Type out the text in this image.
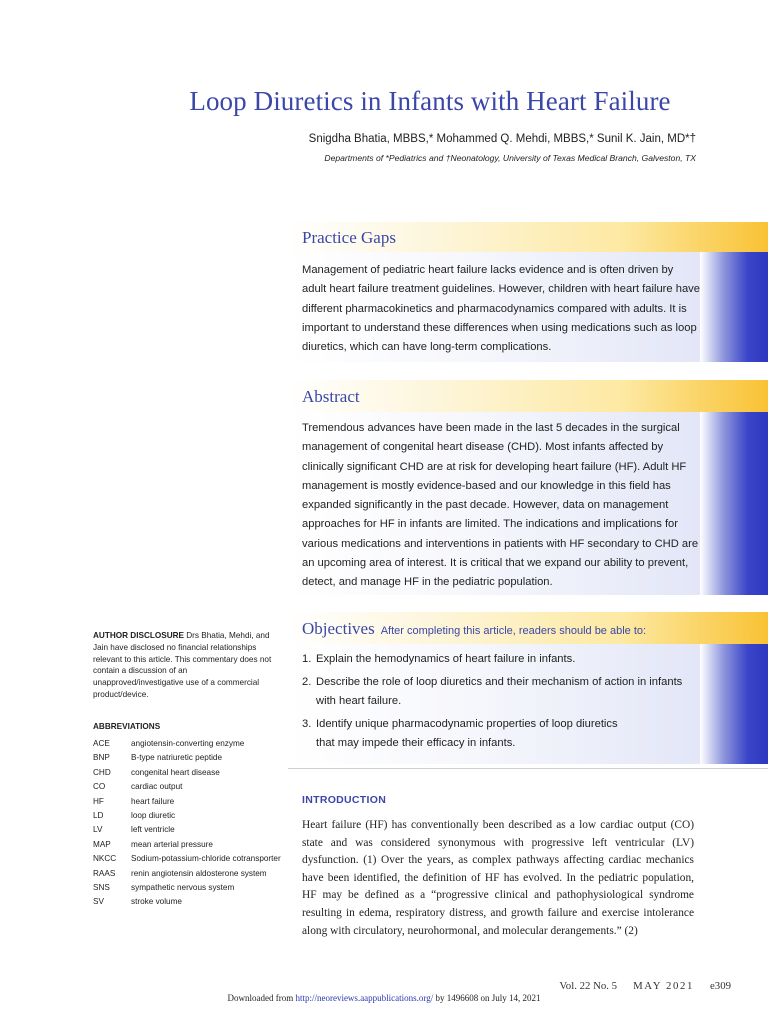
Loop Diuretics in Infants with Heart Failure
Snigdha Bhatia, MBBS,* Mohammed Q. Mehdi, MBBS,* Sunil K. Jain, MD*†
Departments of *Pediatrics and †Neonatology, University of Texas Medical Branch, Galveston, TX
Practice Gaps
Management of pediatric heart failure lacks evidence and is often driven by adult heart failure treatment guidelines. However, children with heart failure have different pharmacokinetics and pharmacodynamics compared with adults. It is important to understand these differences when using medications such as loop diuretics, which can have long-term complications.
Abstract
Tremendous advances have been made in the last 5 decades in the surgical management of congenital heart disease (CHD). Most infants affected by clinically significant CHD are at risk for developing heart failure (HF). Adult HF management is mostly evidence-based and our knowledge in this field has expanded significantly in the past decade. However, data on management approaches for HF in infants are limited. The indications and implications for various medications and interventions in patients with HF secondary to CHD are an upcoming area of interest. It is critical that we expand our ability to prevent, detect, and manage HF in the pediatric population.
Objectives After completing this article, readers should be able to:
1. Explain the hemodynamics of heart failure in infants.
2. Describe the role of loop diuretics and their mechanism of action in infants with heart failure.
3. Identify unique pharmacodynamic properties of loop diuretics that may impede their efficacy in infants.
AUTHOR DISCLOSURE Drs Bhatia, Mehdi, and Jain have disclosed no financial relationships relevant to this article. This commentary does not contain a discussion of an unapproved/investigative use of a commercial product/device.
ABBREVIATIONS
ACE	angiotensin-converting enzyme
BNP	B-type natriuretic peptide
CHD	congenital heart disease
CO	cardiac output
HF	heart failure
LD	loop diuretic
LV	left ventricle
MAP	mean arterial pressure
NKCC	Sodium-potassium-chloride cotransporter
RAAS	renin angiotensin aldosterone system
SNS	sympathetic nervous system
SV	stroke volume
INTRODUCTION
Heart failure (HF) has conventionally been described as a low cardiac output (CO) state and was considered synonymous with progressive left ventricular (LV) dysfunction. (1) Over the years, as complex pathways affecting cardiac mechanics have been identified, the definition of HF has evolved. In the pediatric population, HF may be defined as a “progressive clinical and pathophysiological syndrome resulting in edema, respiratory distress, and growth failure and exercise intolerance along with circulatory, neurohormonal, and molecular derangements.” (2)
Vol. 22 No. 5 MAY 2021 e309
Downloaded from http://neoreviews.aappublications.org/ by 1496608 on July 14, 2021
